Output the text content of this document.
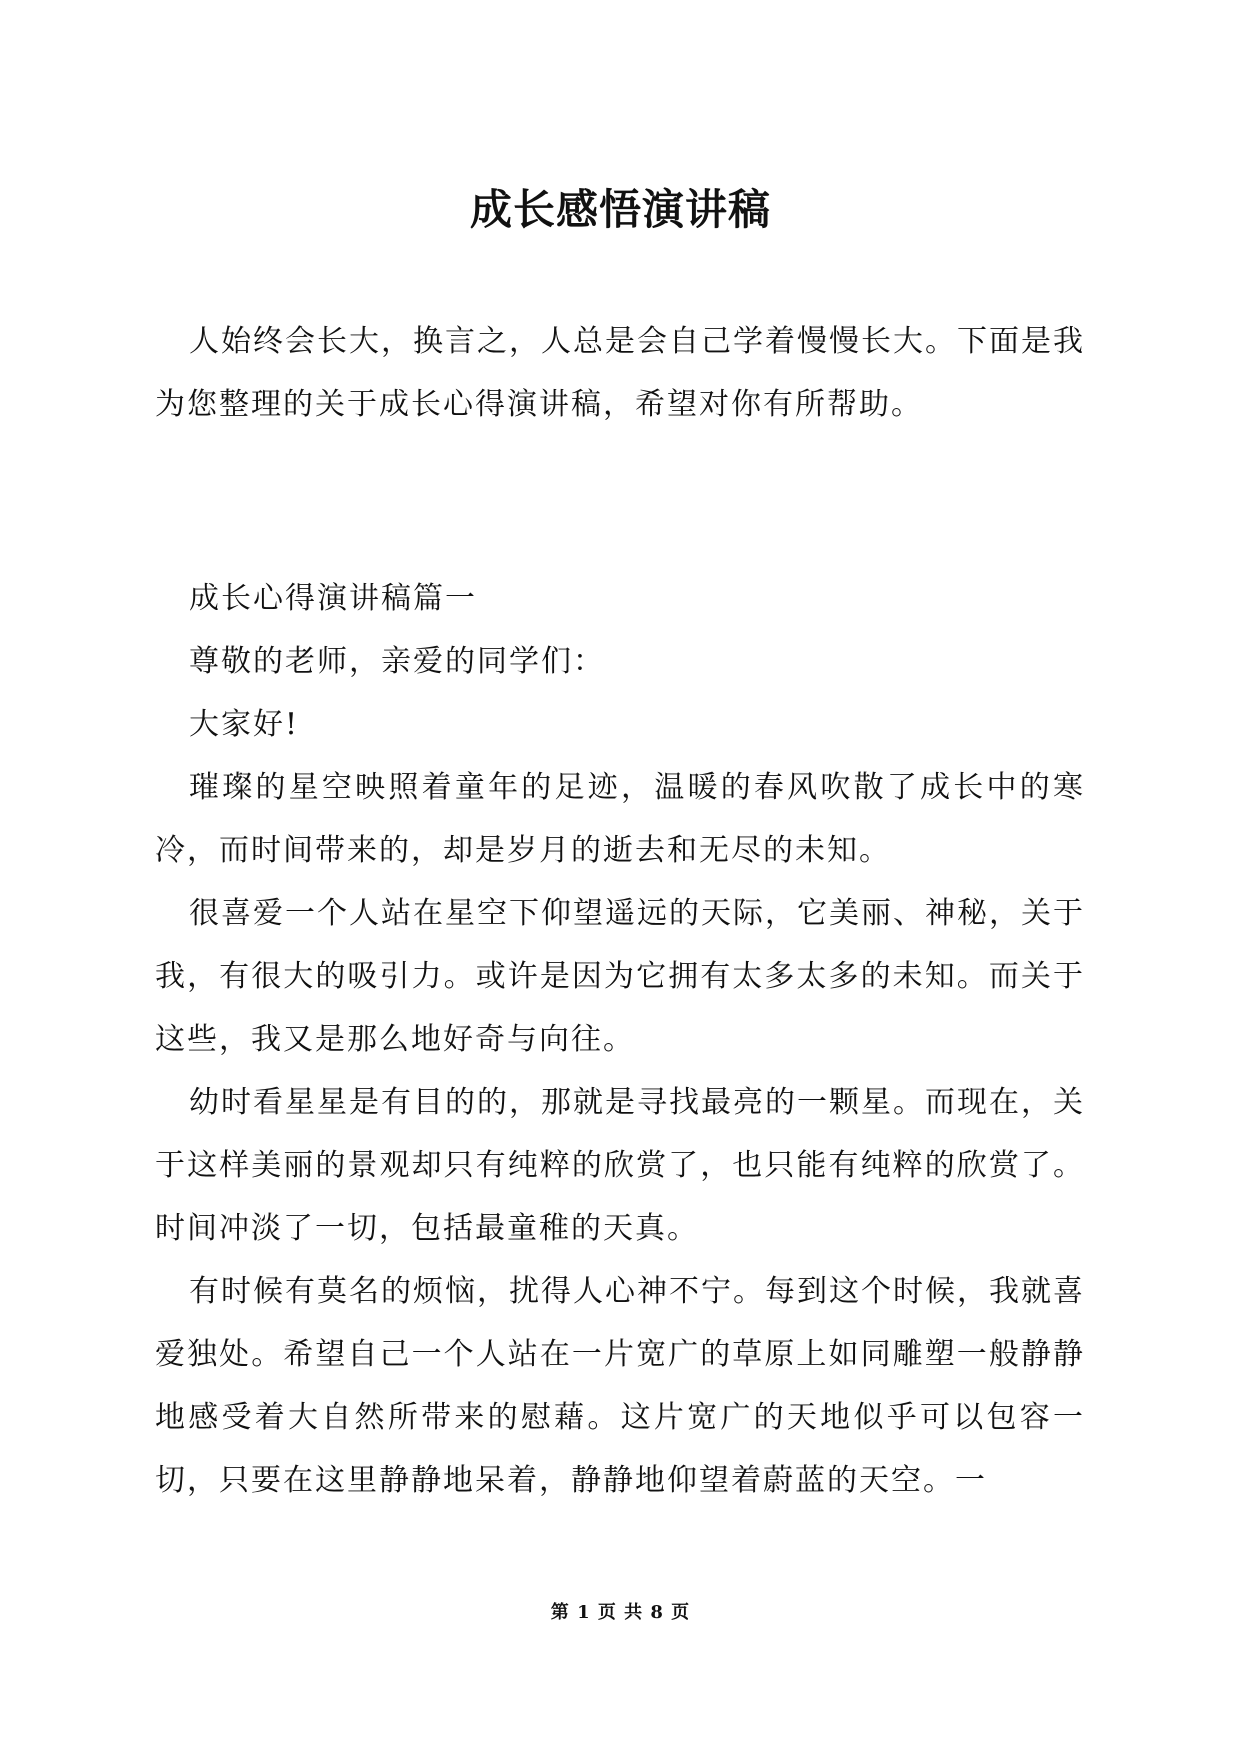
成长感悟演讲稿

人始终会长大，换言之，人总是会自己学着慢慢长大。下面是我为您整理的关于成长心得演讲稿，希望对你有所帮助。

成长心得演讲稿篇一

尊敬的老师，亲爱的同学们：

大家好!

璀璨的星空映照着童年的足迹，温暖的春风吹散了成长中的寒冷，而时间带来的，却是岁月的逝去和无尽的未知。

很喜爱一个人站在星空下仰望遥远的天际，它美丽、神秘，关于我，有很大的吸引力。或许是因为它拥有太多太多的未知。而关于这些，我又是那么地好奇与向往。

幼时看星星是有目的的，那就是寻找最亮的一颗星。而现在，关于这样美丽的景观却只有纯粹的欣赏了，也只能有纯粹的欣赏了。时间冲淡了一切，包括最童稚的天真。

有时候有莫名的烦恼，扰得人心神不宁。每到这个时候，我就喜爱独处。希望自己一个人站在一片宽广的草原上如同雕塑一般静静地感受着大自然所带来的慰藉。这片宽广的天地似乎可以包容一切，只要在这里静静地呆着，静静地仰望着蔚蓝的天空。一

第 1 页 共 8 页
